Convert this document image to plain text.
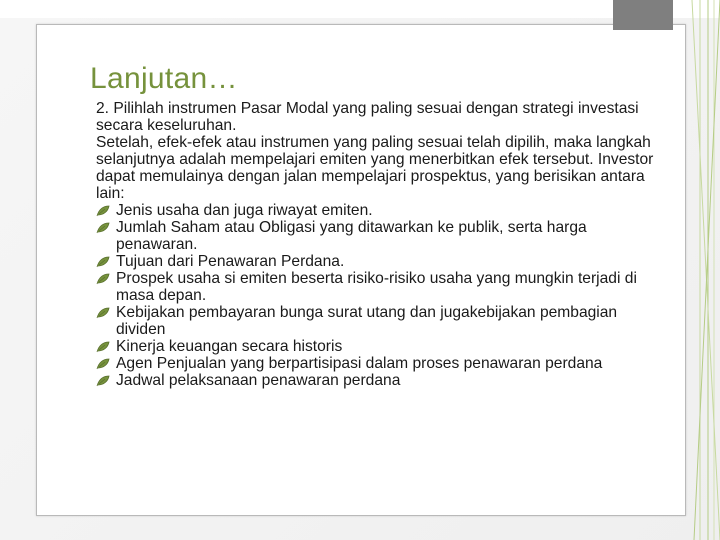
Lanjutan…

2. Pilihlah instrumen Pasar Modal yang paling sesuai dengan strategi investasi secara keseluruhan.

Setelah, efek-efek atau instrumen yang paling sesuai telah dipilih, maka langkah selanjutnya adalah mempelajari emiten yang menerbitkan efek tersebut. Investor dapat memulainya dengan jalan mempelajari prospektus, yang berisikan antara lain:

Jenis usaha dan juga riwayat emiten.
Jumlah Saham atau Obligasi yang ditawarkan ke publik, serta harga penawaran.
Tujuan dari Penawaran Perdana.
Prospek usaha si emiten beserta risiko-risiko usaha yang mungkin terjadi di masa depan.
Kebijakan pembayaran bunga surat utang dan jugakebijakan pembagian dividen
Kinerja keuangan secara historis
Agen Penjualan yang berpartisipasi dalam proses penawaran perdana
Jadwal pelaksanaan penawaran perdana
